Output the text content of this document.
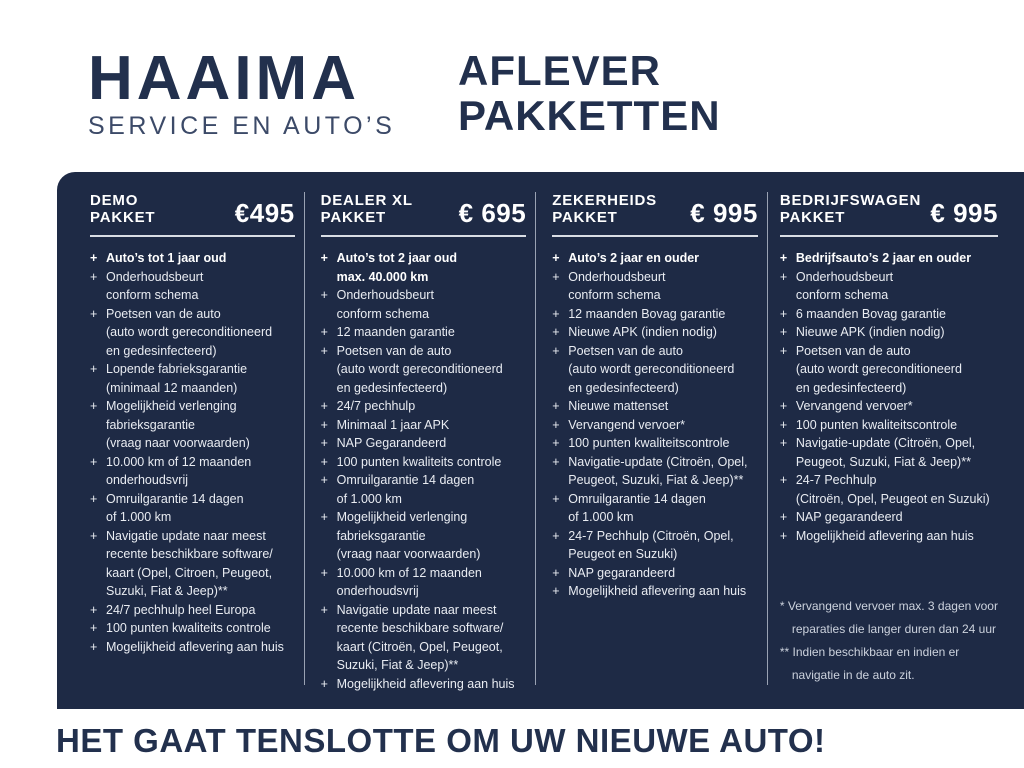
HAAIMA
SERVICE EN AUTO’S
AFLEVER
PAKKETTEN
DEMO
PAKKET	€495
+ Auto’s tot 1 jaar oud
+ Onderhoudsbeurt
conform schema
+ Poetsen van de auto
(auto wordt gereconditioneerd
en gedesinfecteerd)
+ Lopende fabrieksgarantie
(minimaal 12 maanden)
+ Mogelijkheid verlenging
fabrieksgarantie
(vraag naar voorwaarden)
+ 10.000 km of 12 maanden
onderhoudsvrij
+ Omruilgarantie 14 dagen
of 1.000 km
+ Navigatie update naar meest
recente beschikbare software/
kaart (Opel, Citroen, Peugeot,
Suzuki, Fiat & Jeep)**
+ 24/7 pechhulp heel Europa
+ 100 punten kwaliteits controle
+ Mogelijkheid aflevering aan huis
DEALER XL
PAKKET	€ 695
+ Auto’s tot 2 jaar oud
max. 40.000 km
+ Onderhoudsbeurt
conform schema
+ 12 maanden garantie
+ Poetsen van de auto
(auto wordt gereconditioneerd
en gedesinfecteerd)
+ 24/7 pechhulp
+ Minimaal 1 jaar APK
+ NAP Gegarandeerd
+ 100 punten kwaliteits controle
+ Omruilgarantie 14 dagen
of 1.000 km
+ Mogelijkheid verlenging
fabrieksgarantie
(vraag naar voorwaarden)
+ 10.000 km of 12 maanden
onderhoudsvrij
+ Navigatie update naar meest
recente beschikbare software/
kaart (Citroën, Opel, Peugeot,
Suzuki, Fiat & Jeep)**
+ Mogelijkheid aflevering aan huis
ZEKERHEIDS
PAKKET	€ 995
+ Auto’s 2 jaar en ouder
+ Onderhoudsbeurt
conform schema
+ 12 maanden Bovag garantie
+ Nieuwe APK (indien nodig)
+ Poetsen van de auto
(auto wordt gereconditioneerd
en gedesinfecteerd)
+ Nieuwe mattenset
+ Vervangend vervoer*
+ 100 punten kwaliteitscontrole
+ Navigatie-update (Citroën, Opel,
Peugeot, Suzuki, Fiat & Jeep)**
+ Omruilgarantie 14 dagen
of 1.000 km
+ 24-7 Pechhulp (Citroën, Opel,
Peugeot en Suzuki)
+ NAP gegarandeerd
+ Mogelijkheid aflevering aan huis
BEDRIJFSWAGEN
PAKKET	€ 995
+ Bedrijfsauto’s 2 jaar en ouder
+ Onderhoudsbeurt
conform schema
+ 6 maanden Bovag garantie
+ Nieuwe APK (indien nodig)
+ Poetsen van de auto
(auto wordt gereconditioneerd
en gedesinfecteerd)
+ Vervangend vervoer*
+ 100 punten kwaliteitscontrole
+ Navigatie-update (Citroën, Opel,
Peugeot, Suzuki, Fiat & Jeep)**
+ 24-7 Pechhulp
(Citroën, Opel, Peugeot en Suzuki)
+ NAP gegarandeerd
+ Mogelijkheid aflevering aan huis
* Vervangend vervoer max. 3 dagen voor
reparaties die langer duren dan 24 uur
** Indien beschikbaar en indien er
navigatie in de auto zit.
HET GAAT TENSLOTTE OM UW NIEUWE AUTO!
